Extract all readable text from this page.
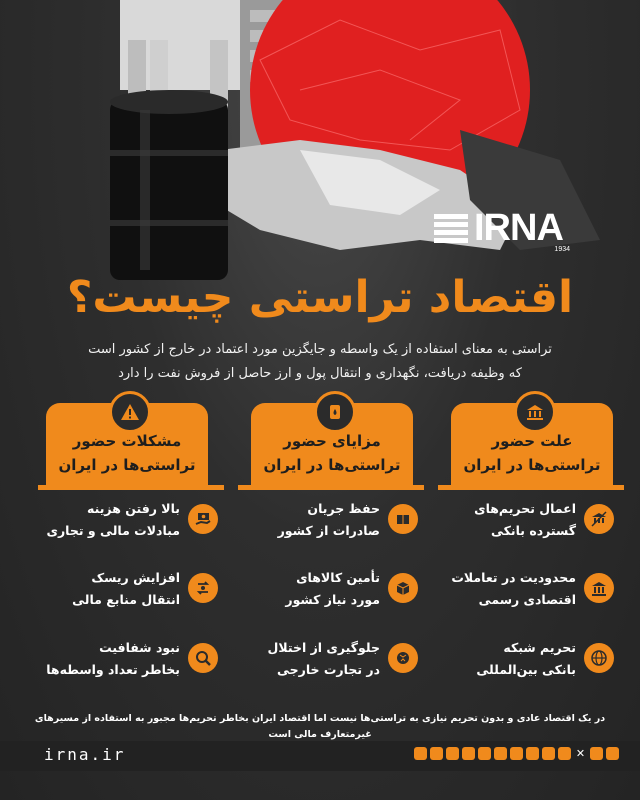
IRNA
1934
اقتصاد تراستی چیست؟
تراستی به معنای استفاده از یک واسطه و جایگزین مورد اعتماد در خارج از کشور است
که وظیفه دریافت، نگهداری و انتقال پول و ارز حاصل از فروش نفت را دارد
علت حضور
تراستی‌ها در ایران
مزایای حضور
تراستی‌ها در ایران
مشکلات حضور
تراستی‌ها در ایران
اعمال تحریم‌های
گسترده بانکی
محدودیت در تعاملات
اقتصادی رسمی
تحریم شبکه
بانکی بین‌المللی
حفظ جریان
صادرات از کشور
تأمین کالاهای
مورد نیاز کشور
جلوگیری از اختلال
در تجارت خارجی
بالا رفتن هزینه
مبادلات مالی و تجاری
افزایش ریسک
انتقال منابع مالی
نبود شفافیت
بخاطر تعداد واسطه‌ها
در یک اقتصاد عادی و بدون تحریم نیازی به تراستی‌ها نیست اما اقتصاد ایران بخاطر تحریم‌ها مجبور به استفاده از مسیرهای غیرمتعارف مالی است
irna.ir	✕
